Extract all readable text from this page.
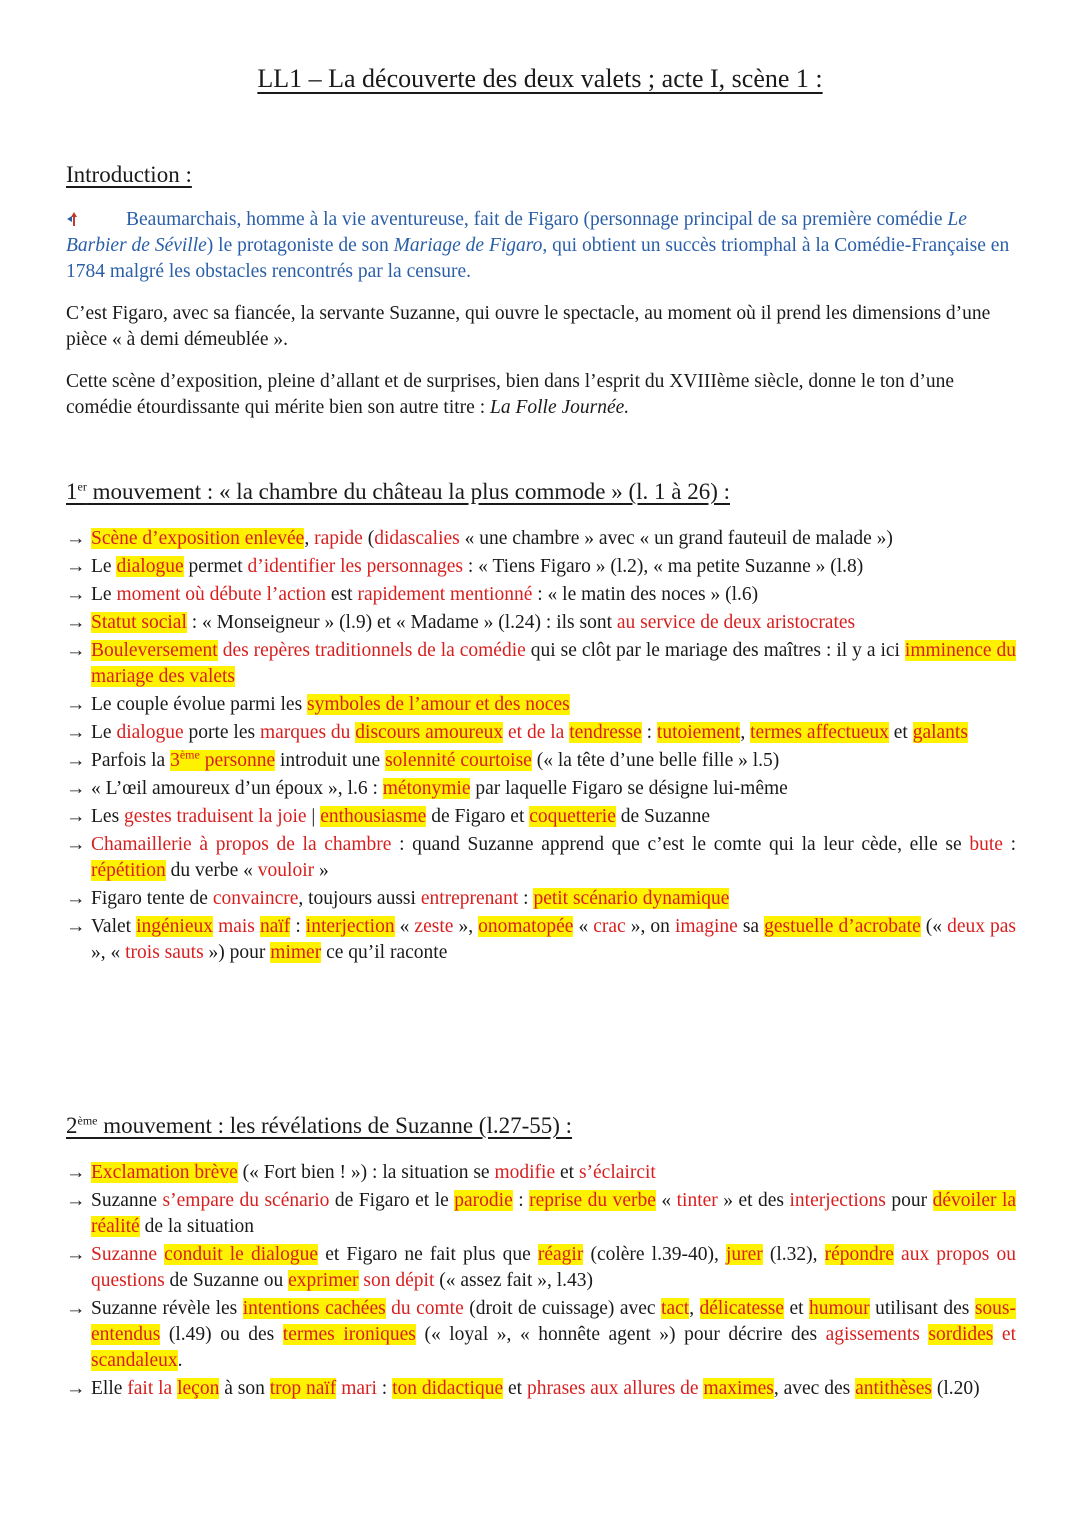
LL1 – La découverte des deux valets ; acte I, scène 1 :
Introduction :
Beaumarchais, homme à la vie aventureuse, fait de Figaro (personnage principal de sa première comédie Le Barbier de Séville) le protagoniste de son Mariage de Figaro, qui obtient un succès triomphal à la Comédie-Française en 1784 malgré les obstacles rencontrés par la censure.
C’est Figaro, avec sa fiancée, la servante Suzanne, qui ouvre le spectacle, au moment où il prend les dimensions d’une pièce « à demi démeublée ».
Cette scène d’exposition, pleine d’allant et de surprises, bien dans l’esprit du XVIIIème siècle, donne le ton d’une comédie étourdissante qui mérite bien son autre titre : La Folle Journée.
1er mouvement : « la chambre du château la plus commode » (l. 1 à 26) :
→ Scène d’exposition enlevée, rapide (didascalies « une chambre » avec « un grand fauteuil de malade »)
→ Le dialogue permet d’identifier les personnages : « Tiens Figaro » (l.2), « ma petite Suzanne » (l.8)
→ Le moment où débute l’action est rapidement mentionné : « le matin des noces » (l.6)
→ Statut social : « Monseigneur » (l.9) et « Madame » (l.24) : ils sont au service de deux aristocrates
→ Bouleversement des repères traditionnels de la comédie qui se clôt par le mariage des maîtres : il y a ici imminence du mariage des valets
→ Le couple évolue parmi les symboles de l’amour et des noces
→ Le dialogue porte les marques du discours amoureux et de la tendresse : tutoiement, termes affectueux et galants
→ Parfois la 3ème personne introduit une solennité courtoise (« la tête d’une belle fille » l.5)
→ « L’œil amoureux d’un époux », l.6 : métonymie par laquelle Figaro se désigne lui-même
→ Les gestes traduisent la joie | enthousiasme de Figaro et coquetterie de Suzanne
→ Chamaillerie à propos de la chambre : quand Suzanne apprend que c’est le comte qui la leur cède, elle se bute : répétition du verbe « vouloir »
→ Figaro tente de convaincre, toujours aussi entreprenant : petit scénario dynamique
→ Valet ingénieux mais naïf : interjection « zeste », onomatopée « crac », on imagine sa gestuelle d’acrobate (« deux pas », « trois sauts ») pour mimer ce qu’il raconte
2ème mouvement : les révélations de Suzanne (l.27-55) :
→ Exclamation brève (« Fort bien ! ») : la situation se modifie et s’éclaircit
→ Suzanne s’empare du scénario de Figaro et le parodie : reprise du verbe « tinter » et des interjections pour dévoiler la réalité de la situation
→ Suzanne conduit le dialogue et Figaro ne fait plus que réagir (colère l.39-40), jurer (l.32), répondre aux propos ou questions de Suzanne ou exprimer son dépit (« assez fait », l.43)
→ Suzanne révèle les intentions cachées du comte (droit de cuissage) avec tact, délicatesse et humour utilisant des sous-entendus (l.49) ou des termes ironiques (« loyal », « honnête agent ») pour décrire des agissements sordides et scandaleux.
→ Elle fait la leçon à son trop naïf mari : ton didactique et phrases aux allures de maximes, avec des antithèses (l.20)
